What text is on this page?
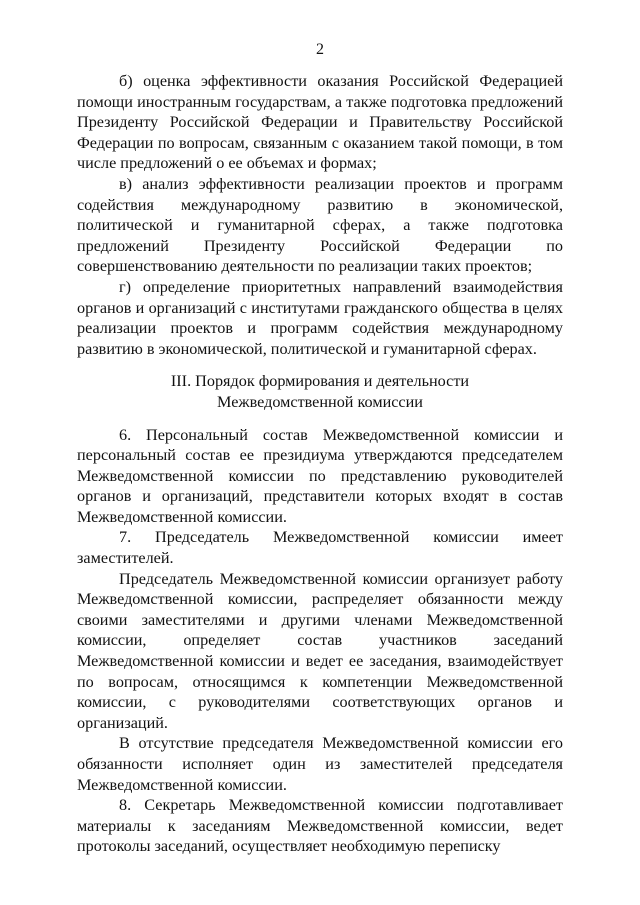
2

б) оценка эффективности оказания Российской Федерацией помощи иностранным государствам, а также подготовка предложений Президенту Российской Федерации и Правительству Российской Федерации по вопросам, связанным с оказанием такой помощи, в том числе предложений о ее объемах и формах;

в) анализ эффективности реализации проектов и программ содействия международному развитию в экономической, политической и гуманитарной сферах, а также подготовка предложений Президенту Российской Федерации по совершенствованию деятельности по реализации таких проектов;

г) определение приоритетных направлений взаимодействия органов и организаций с институтами гражданского общества в целях реализации проектов и программ содействия международному развитию в экономической, политической и гуманитарной сферах.

III. Порядок формирования и деятельности
Межведомственной комиссии

6. Персональный состав Межведомственной комиссии и персональный состав ее президиума утверждаются председателем Межведомственной комиссии по представлению руководителей органов и организаций, представители которых входят в состав Межведомственной комиссии.

7. Председатель Межведомственной комиссии имеет заместителей.

Председатель Межведомственной комиссии организует работу Межведомственной комиссии, распределяет обязанности между своими заместителями и другими членами Межведомственной комиссии, определяет состав участников заседаний Межведомственной комиссии и ведет ее заседания, взаимодействует по вопросам, относящимся к компетенции Межведомственной комиссии, с руководителями соответствующих органов и организаций.

В отсутствие председателя Межведомственной комиссии его обязанности исполняет один из заместителей председателя Межведомственной комиссии.

8. Секретарь Межведомственной комиссии подготавливает материалы к заседаниям Межведомственной комиссии, ведет протоколы заседаний, осуществляет необходимую переписку
